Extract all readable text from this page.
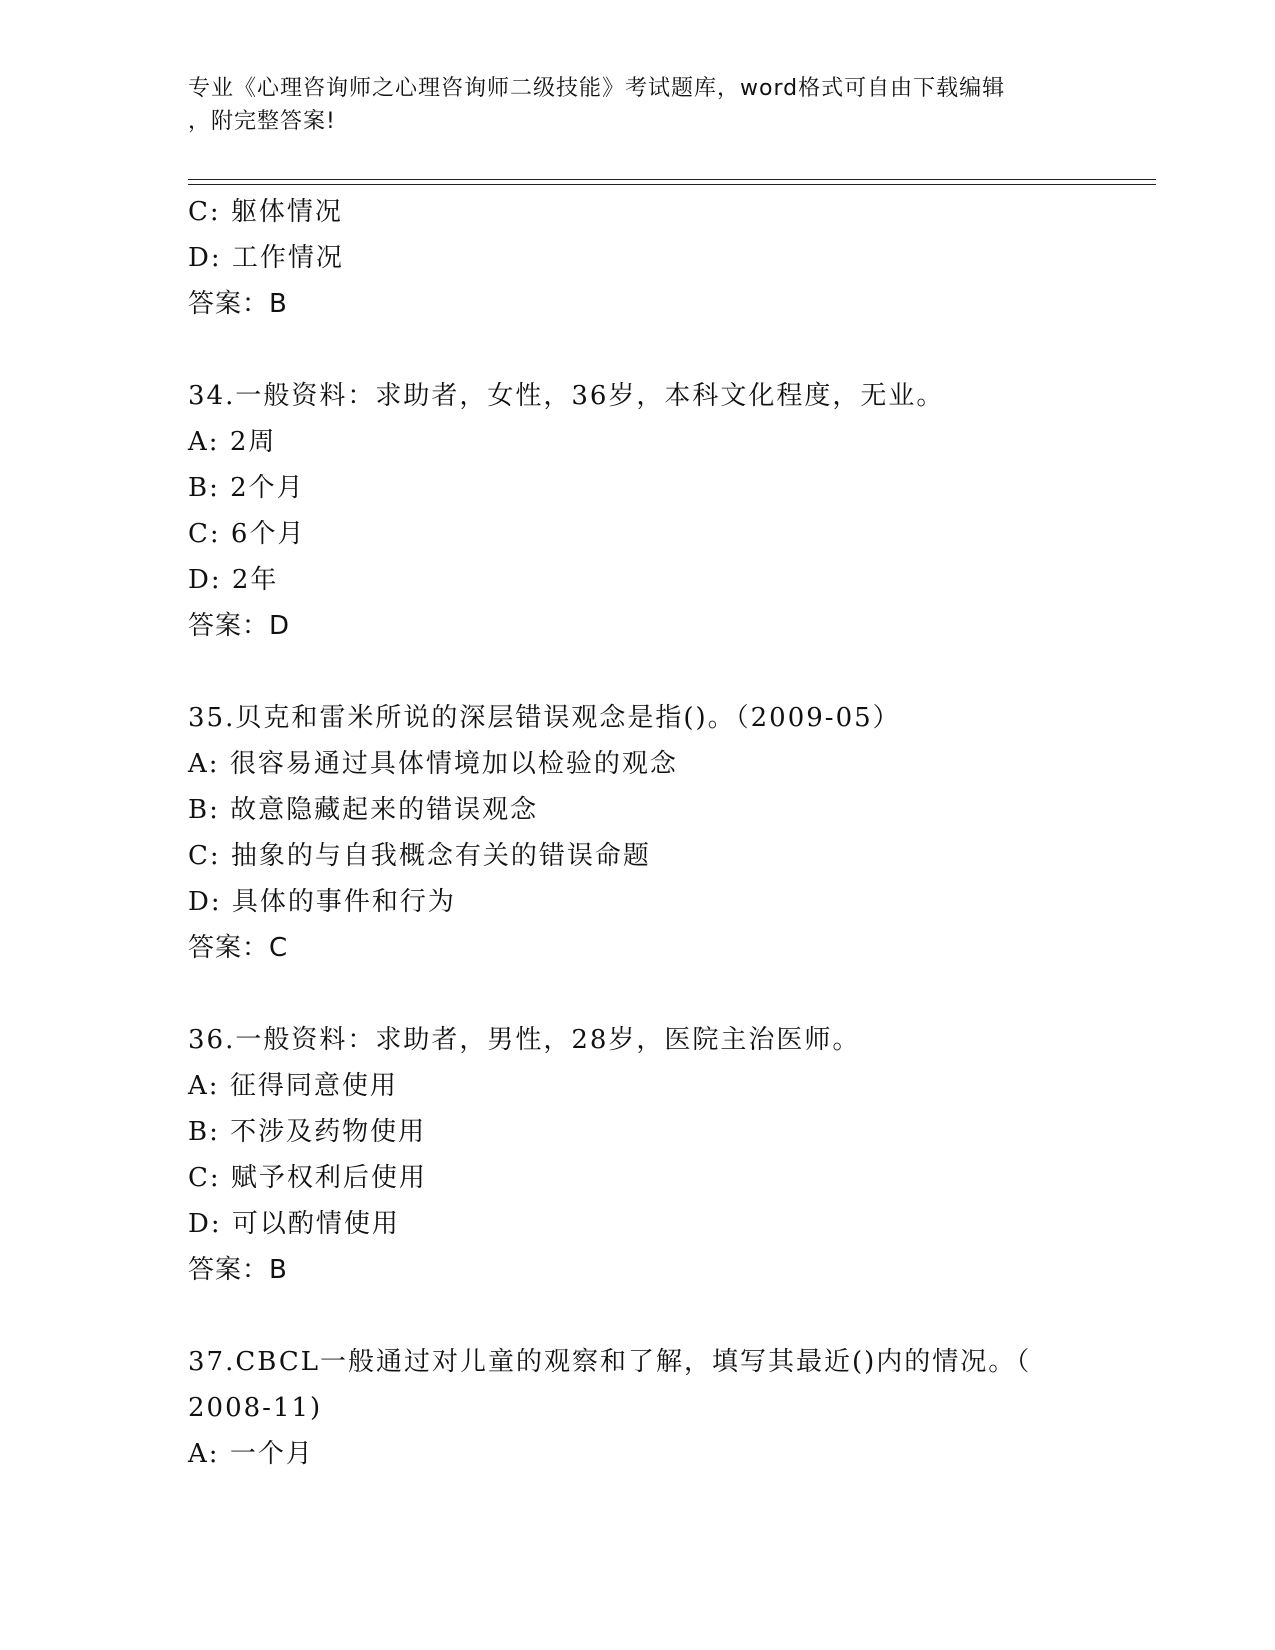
专业《心理咨询师之心理咨询师二级技能》考试题库，word格式可自由下载编辑
，附完整答案!
C: 躯体情况
D: 工作情况
答案：B
34.一般资料：求助者，女性，36岁，本科文化程度，无业。
A: 2周
B: 2个月
C: 6个月
D: 2年
答案：D
35.贝克和雷米所说的深层错误观念是指()。（2009-05）
A: 很容易通过具体情境加以检验的观念
B: 故意隐藏起来的错误观念
C: 抽象的与自我概念有关的错误命题
D: 具体的事件和行为
答案：C
36.一般资料：求助者，男性，28岁，医院主治医师。
A: 征得同意使用
B: 不涉及药物使用
C: 赋予权利后使用
D: 可以酌情使用
答案：B
37.CBCL一般通过对儿童的观察和了解，填写其最近()内的情况。（
2008-11)
A: 一个月
